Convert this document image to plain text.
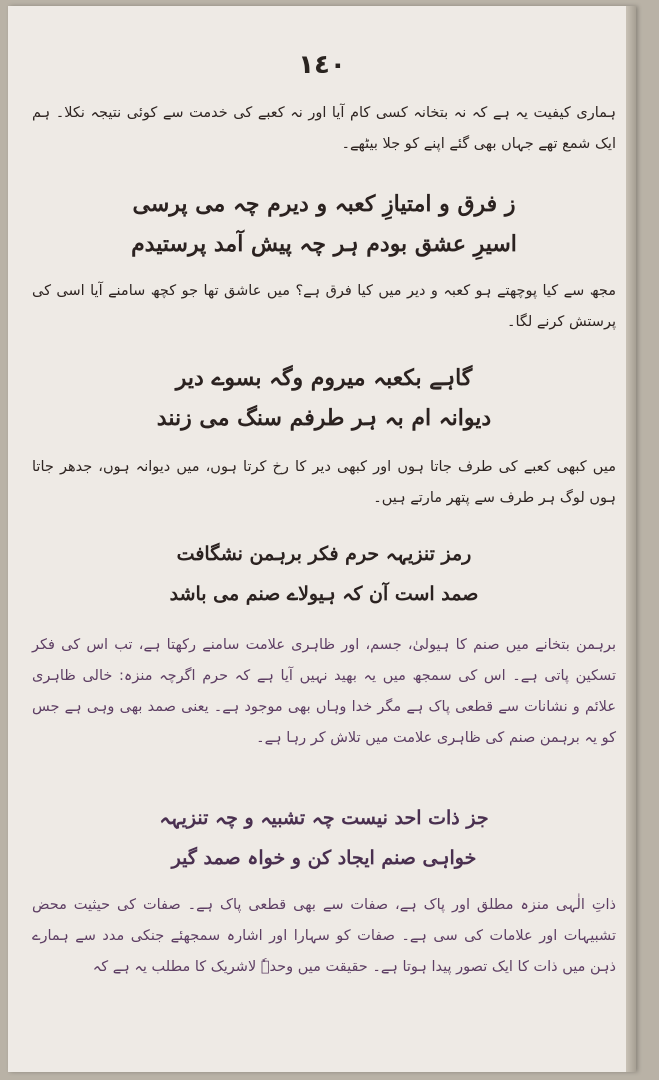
١٤٠
ہماری کیفیت یہ ہے کہ نہ بتخانہ کسی کام آیا اور نہ کعبے کی خدمت سے کوئی نتیجہ نکلا۔ ہم ایک شمع تھے جہاں بھی گئے اپنے کو جلا بیٹھے۔
ز فرق و امتیازِ کعبہ و دیرم چہ می پرسی
اسیرِ عشق بودم ہر چہ پیش آمد پرستیدم
مجھ سے کیا پوچھتے ہو کعبہ و دیر میں کیا فرق ہے؟ میں عاشق تھا جو کچھ سامنے آیا اسی کی پرستش کرنے لگا۔
گاہے بکعبہ میروم وگہ بسوے دیر
دیوانہ ام بہ ہر طرفم سنگ می زنند
میں کبھی کعبے کی طرف جاتا ہوں اور کبھی دیر کا رخ کرتا ہوں، میں دیوانہ ہوں، جدھر جاتا ہوں لوگ ہر طرف سے پتھر مارتے ہیں۔
رمز تنزیہہ حرم فکر برہمن نشگافت
صمد است آن کہ ہیولاے صنم می باشد
برہمن بتخانے میں صنم کا ہیولیٰ، جسم، اور ظاہری علامت سامنے رکھتا ہے، تب اس کی فکر تسکین پاتی ہے۔ اس کی سمجھ میں یہ بھید نہیں آیا ہے کہ حرم اگرچہ منزہ: خالی ظاہری علائم و نشانات سے قطعی پاک ہے مگر خدا وہاں بھی موجود ہے۔ یعنی صمد بھی وہی ہے جس کو یہ برہمن صنم کی ظاہری علامت میں تلاش کر رہا ہے۔
جز ذات احد نیست چہ تشبیہ و چہ تنزیہہ
خواہی صنم ایجاد کن و خواہ صمد گیر
ذاتِ الٰہی منزہ مطلق اور پاک ہے، صفات سے بھی قطعی پاک ہے۔ صفات کی حیثیت محض تشبیہات اور علامات کی سی ہے۔ صفات کو سہارا اور اشارہ سمجھئے جنکی مدد سے ہمارے ذہن میں ذات کا ایک تصور پیدا ہوتا ہے۔ حقیقت میں وحدہٗ لاشریک کا مطلب یہ ہے کہ
